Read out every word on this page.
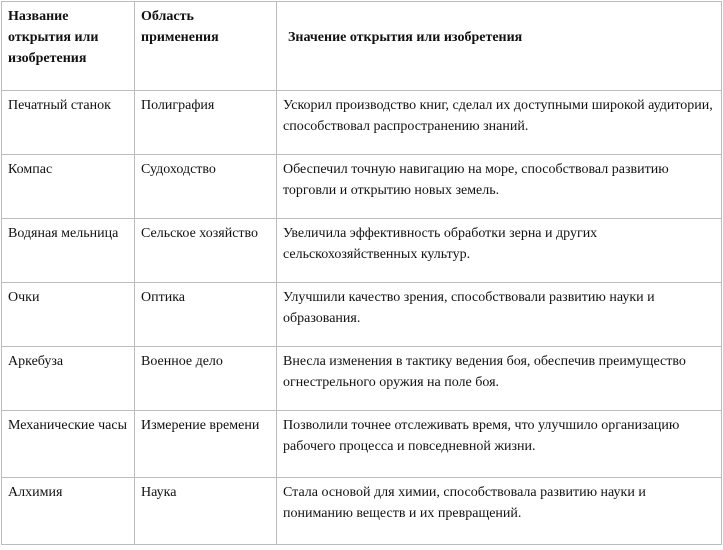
Название открытия или изобретения	Область применения	Значение открытия или изобретения
Печатный станок	Полиграфия	Ускорил производство книг, сделал их доступными широкой аудитории, способствовал распространению знаний.
Компас	Судоходство	Обеспечил точную навигацию на море, способствовал развитию торговли и открытию новых земель.
Водяная мельница	Сельское хозяйство	Увеличила эффективность обработки зерна и других сельскохозяйственных культур.
Очки	Оптика	Улучшили качество зрения, способствовали развитию науки и образования.
Аркебуза	Военное дело	Внесла изменения в тактику ведения боя, обеспечив преимущество огнестрельного оружия на поле боя.
Механические часы	Измерение времени	Позволили точнее отслеживать время, что улучшило организацию рабочего процесса и повседневной жизни.
Алхимия	Наука	Стала основой для химии, способствовала развитию науки и пониманию веществ и их превращений.
